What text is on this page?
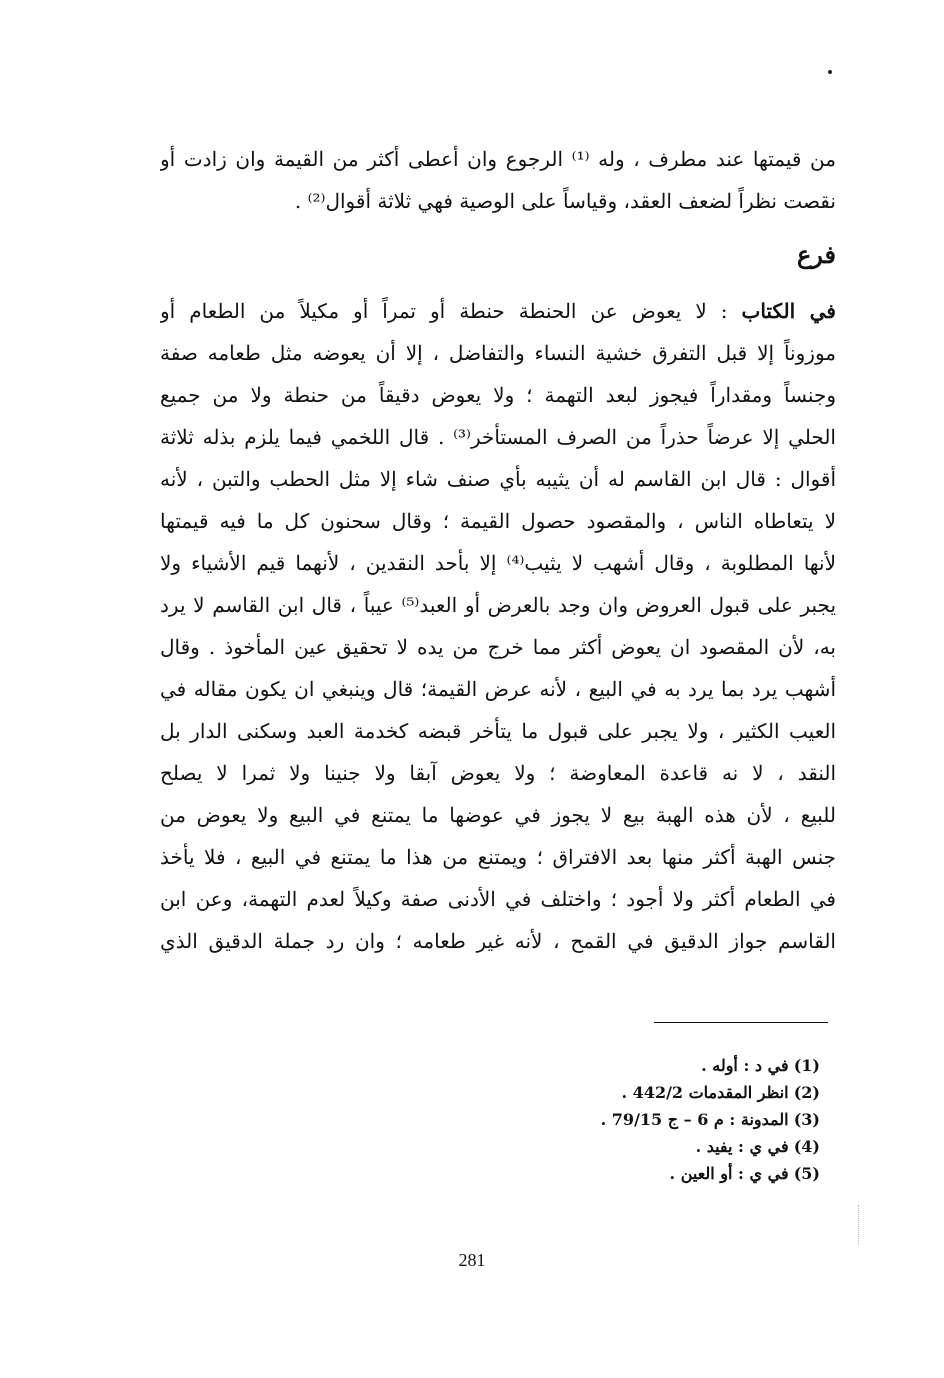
من قيمتها عند مطرف ، وله ⁽¹⁾ الرجوع وان أعطى أكثر من القيمة وان زادت أو
نقصت نظراً لضعف العقد، وقياساً على الوصية فهي ثلاثة أقوال⁽²⁾ .
فرع
في الكتاب : لا يعوض عن الحنطة حنطة أو تمراً أو مكيلاً من الطعام أو
موزوناً إلا قبل التفرق خشية النساء والتفاضل ، إلا أن يعوضه مثل طعامه صفة
وجنساً ومقداراً فيجوز لبعد التهمة ؛ ولا يعوض دقيقاً من حنطة ولا من جميع
الحلي إلا عرضاً حذراً من الصرف المستأخر⁽³⁾ . قال اللخمي فيما يلزم بذله ثلاثة
أقوال : قال ابن القاسم له أن يثيبه بأي صنف شاء إلا مثل الحطب والتبن ، لأنه
لا يتعاطاه الناس ، والمقصود حصول القيمة ؛ وقال سحنون كل ما فيه قيمتها
لأنها المطلوبة ، وقال أشهب لا يثيب⁽⁴⁾ إلا بأحد النقدين ، لأنهما قيم الأشياء ولا
يجبر على قبول العروض وان وجد بالعرض أو العبد⁽⁵⁾ عيباً ، قال ابن القاسم لا يرد
به، لأن المقصود ان يعوض أكثر مما خرج من يده لا تحقيق عين المأخوذ . وقال
أشهب يرد بما يرد به في البيع ، لأنه عرض القيمة؛ قال وينبغي ان يكون مقاله في
العيب الكثير ، ولا يجبر على قبول ما يتأخر قبضه كخدمة العبد وسكنى الدار بل
النقد ، لا نه قاعدة المعاوضة ؛ ولا يعوض آبقا ولا جنينا ولا ثمرا لا يصلح
للبيع ، لأن هذه الهبة بيع لا يجوز في عوضها ما يمتنع في البيع ولا يعوض من
جنس الهبة أكثر منها بعد الافتراق ؛ ويمتنع من هذا ما يمتنع في البيع ، فلا يأخذ
في الطعام أكثر ولا أجود ؛ واختلف في الأدنى صفة وكيلاً لعدم التهمة، وعن ابن
القاسم جواز الدقيق في القمح ، لأنه غير طعامه ؛ وان رد جملة الدقيق الذي
(1) في د : أوله .
(2) انظر المقدمات 442/2 .
(3) المدونة : م 6 – ج 79/15 .
(4) في ي : يفيد .
(5) في ي : أو العين .
281
